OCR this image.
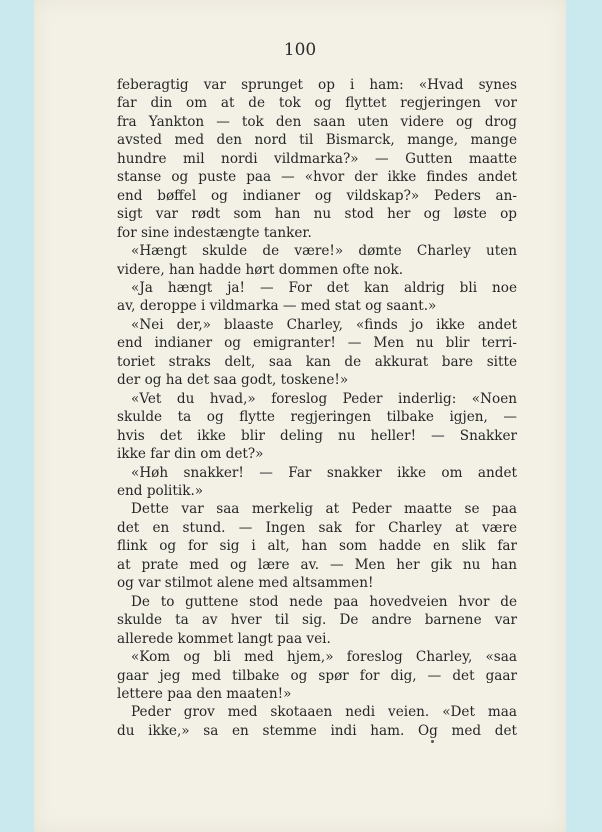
100
feberagtig var sprunget op i ham: «Hvad synes
far din om at de tok og flyttet regjeringen vor
fra Yankton — tok den saan uten videre og drog
avsted med den nord til Bismarck, mange, mange
hundre mil nordi vildmarka?» — Gutten maatte
stanse og puste paa — «hvor der ikke findes andet
end bøffel og indianer og vildskap?» Peders an-
sigt var rødt som han nu stod her og løste op
for sine indestængte tanker.
«Hængt skulde de være!» dømte Charley uten
videre, han hadde hørt dommen ofte nok.
«Ja hængt ja! — For det kan aldrig bli noe
av, deroppe i vildmarka — med stat og saant.»
«Nei der,» blaaste Charley, «finds jo ikke andet
end indianer og emigranter! — Men nu blir terri-
toriet straks delt, saa kan de akkurat bare sitte
der og ha det saa godt, toskene!»
«Vet du hvad,» foreslog Peder inderlig: «Noen
skulde ta og flytte regjeringen tilbake igjen, —
hvis det ikke blir deling nu heller! — Snakker
ikke far din om det?»
«Høh snakker! — Far snakker ikke om andet
end politik.»
Dette var saa merkelig at Peder maatte se paa
det en stund. — Ingen sak for Charley at være
flink og for sig i alt, han som hadde en slik far
at prate med og lære av. — Men her gik nu han
og var stilmot alene med altsammen!
De to guttene stod nede paa hovedveien hvor de
skulde ta av hver til sig. De andre barnene var
allerede kommet langt paa vei.
«Kom og bli med hjem,» foreslog Charley, «saa
gaar jeg med tilbake og spør for dig, — det gaar
lettere paa den maaten!»
Peder grov med skotaaen nedi veien. «Det maa
du ikke,» sa en stemme indi ham. Og med det
